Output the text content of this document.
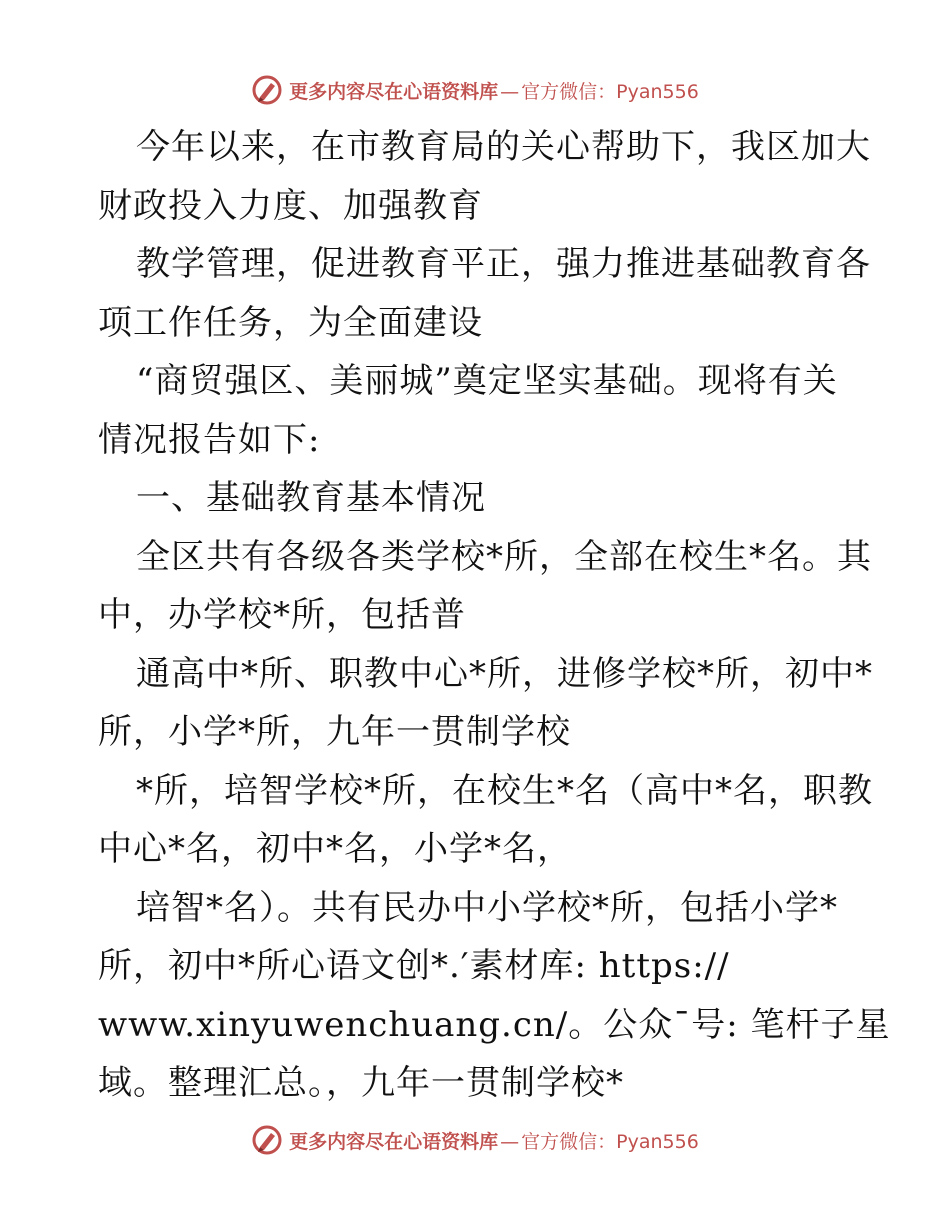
更多内容尽在心语资料库 — 官方微信：Pyan556
今年以来，在市教育局的关心帮助下，我区加大
财政投入力度、加强教育
教学管理，促进教育平正，强力推进基础教育各
项工作任务，为全面建设
“商贸强区、美丽城”奠定坚实基础。现将有关
情况报告如下:
一、基础教育基本情况
全区共有各级各类学校*所，全部在校生*名。其
中，办学校*所，包括普
通高中*所、职教中心*所，进修学校*所，初中*
所，小学*所，九年一贯制学校
*所，培智学校*所，在校生*名（高中*名，职教
中心*名，初中*名，小学*名，
培智*名）。共有民办中小学校*所，包括小学*
所，初中*所心语文创*.′素材库: https://
www.xinyuwenchuang.cn/。公众¯号: 笔杆子星
域。整理汇总。，九年一贯制学校*
更多内容尽在心语资料库 — 官方微信：Pyan556
